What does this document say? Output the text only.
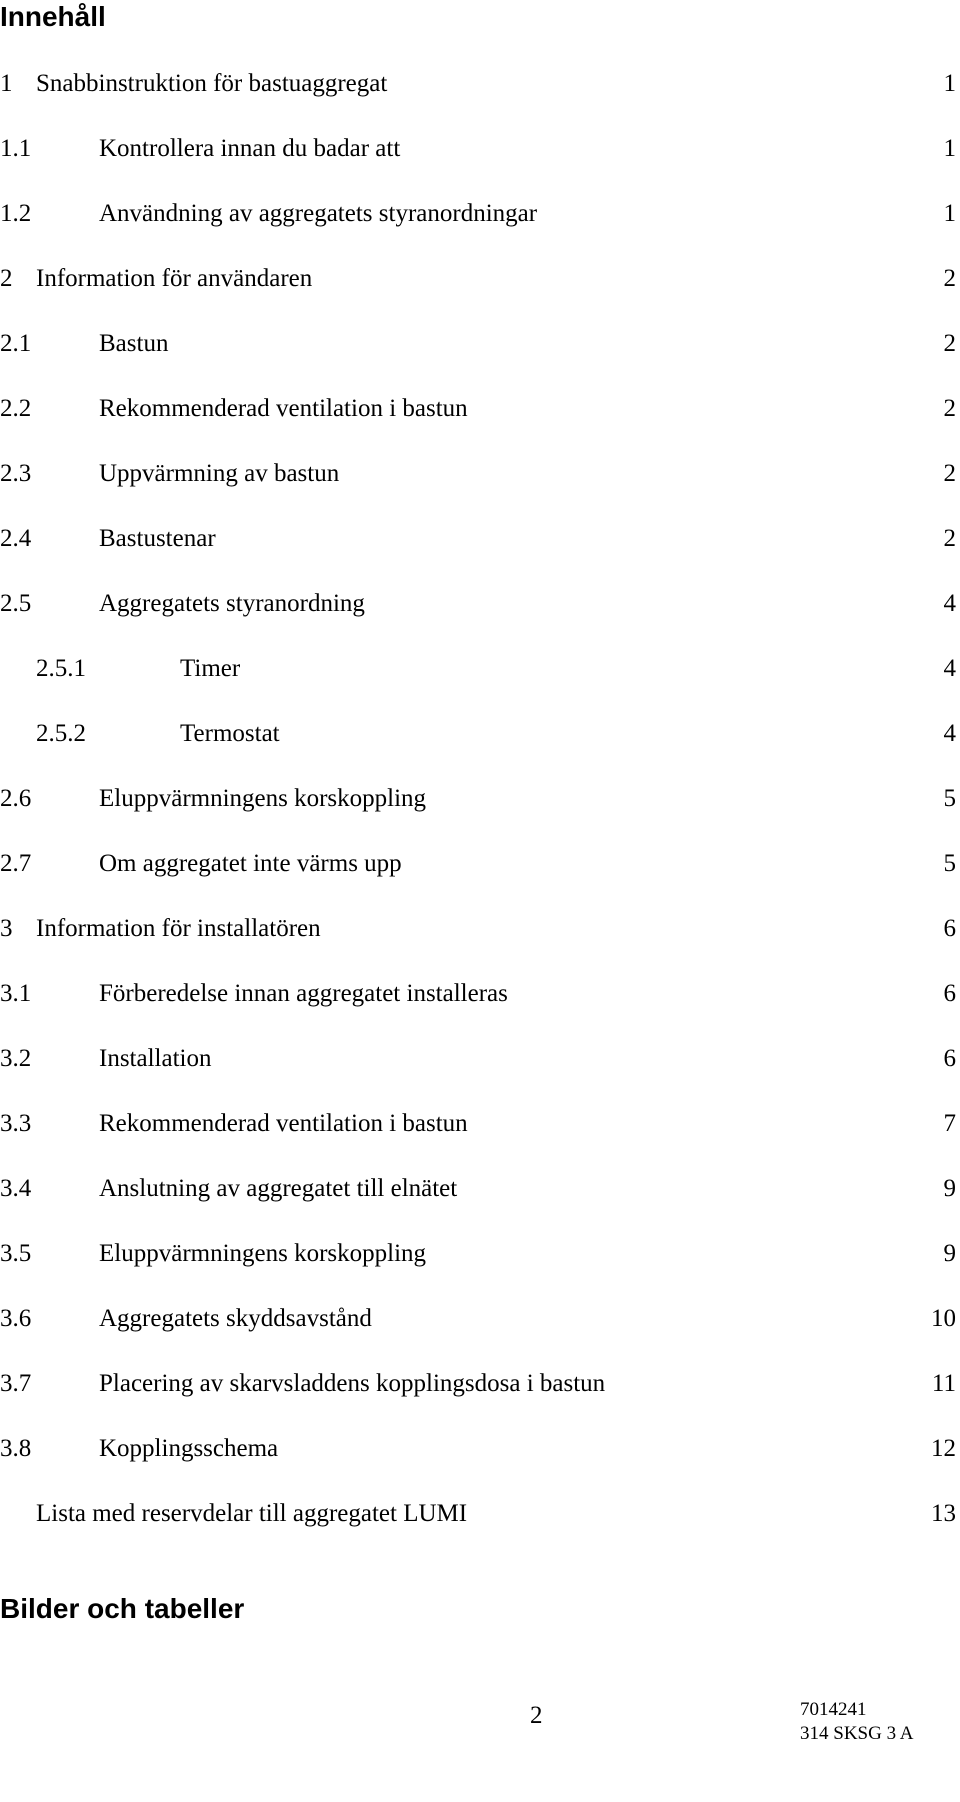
Innehåll
1 Snabbinstruktion för bastuaggregat	1
1.1	Kontrollera innan du badar att	1
1.2	Användning av aggregatets styranordningar	1
2 Information för användaren	2
2.1	Bastun	2
2.2	Rekommenderad ventilation i bastun	2
2.3	Uppvärmning av bastun	2
2.4	Bastustenar	2
2.5	Aggregatets styranordning	4
2.5.1	Timer	4
2.5.2	Termostat	4
2.6	Eluppvärmningens korskoppling	5
2.7	Om aggregatet inte värms upp	5
3 Information för installatören	6
3.1	Förberedelse innan aggregatet installeras	6
3.2	Installation	6
3.3	Rekommenderad ventilation i bastun	7
3.4	Anslutning av aggregatet till elnätet	9
3.5	Eluppvärmningens korskoppling	9
3.6	Aggregatets skyddsavstånd	10
3.7	Placering av skarvsladdens kopplingsdosa i bastun	11
3.8	Kopplingsschema	12
Lista med reservdelar till aggregatet LUMI	13
Bilder och tabeller
2	7014241
314 SKSG 3 A
